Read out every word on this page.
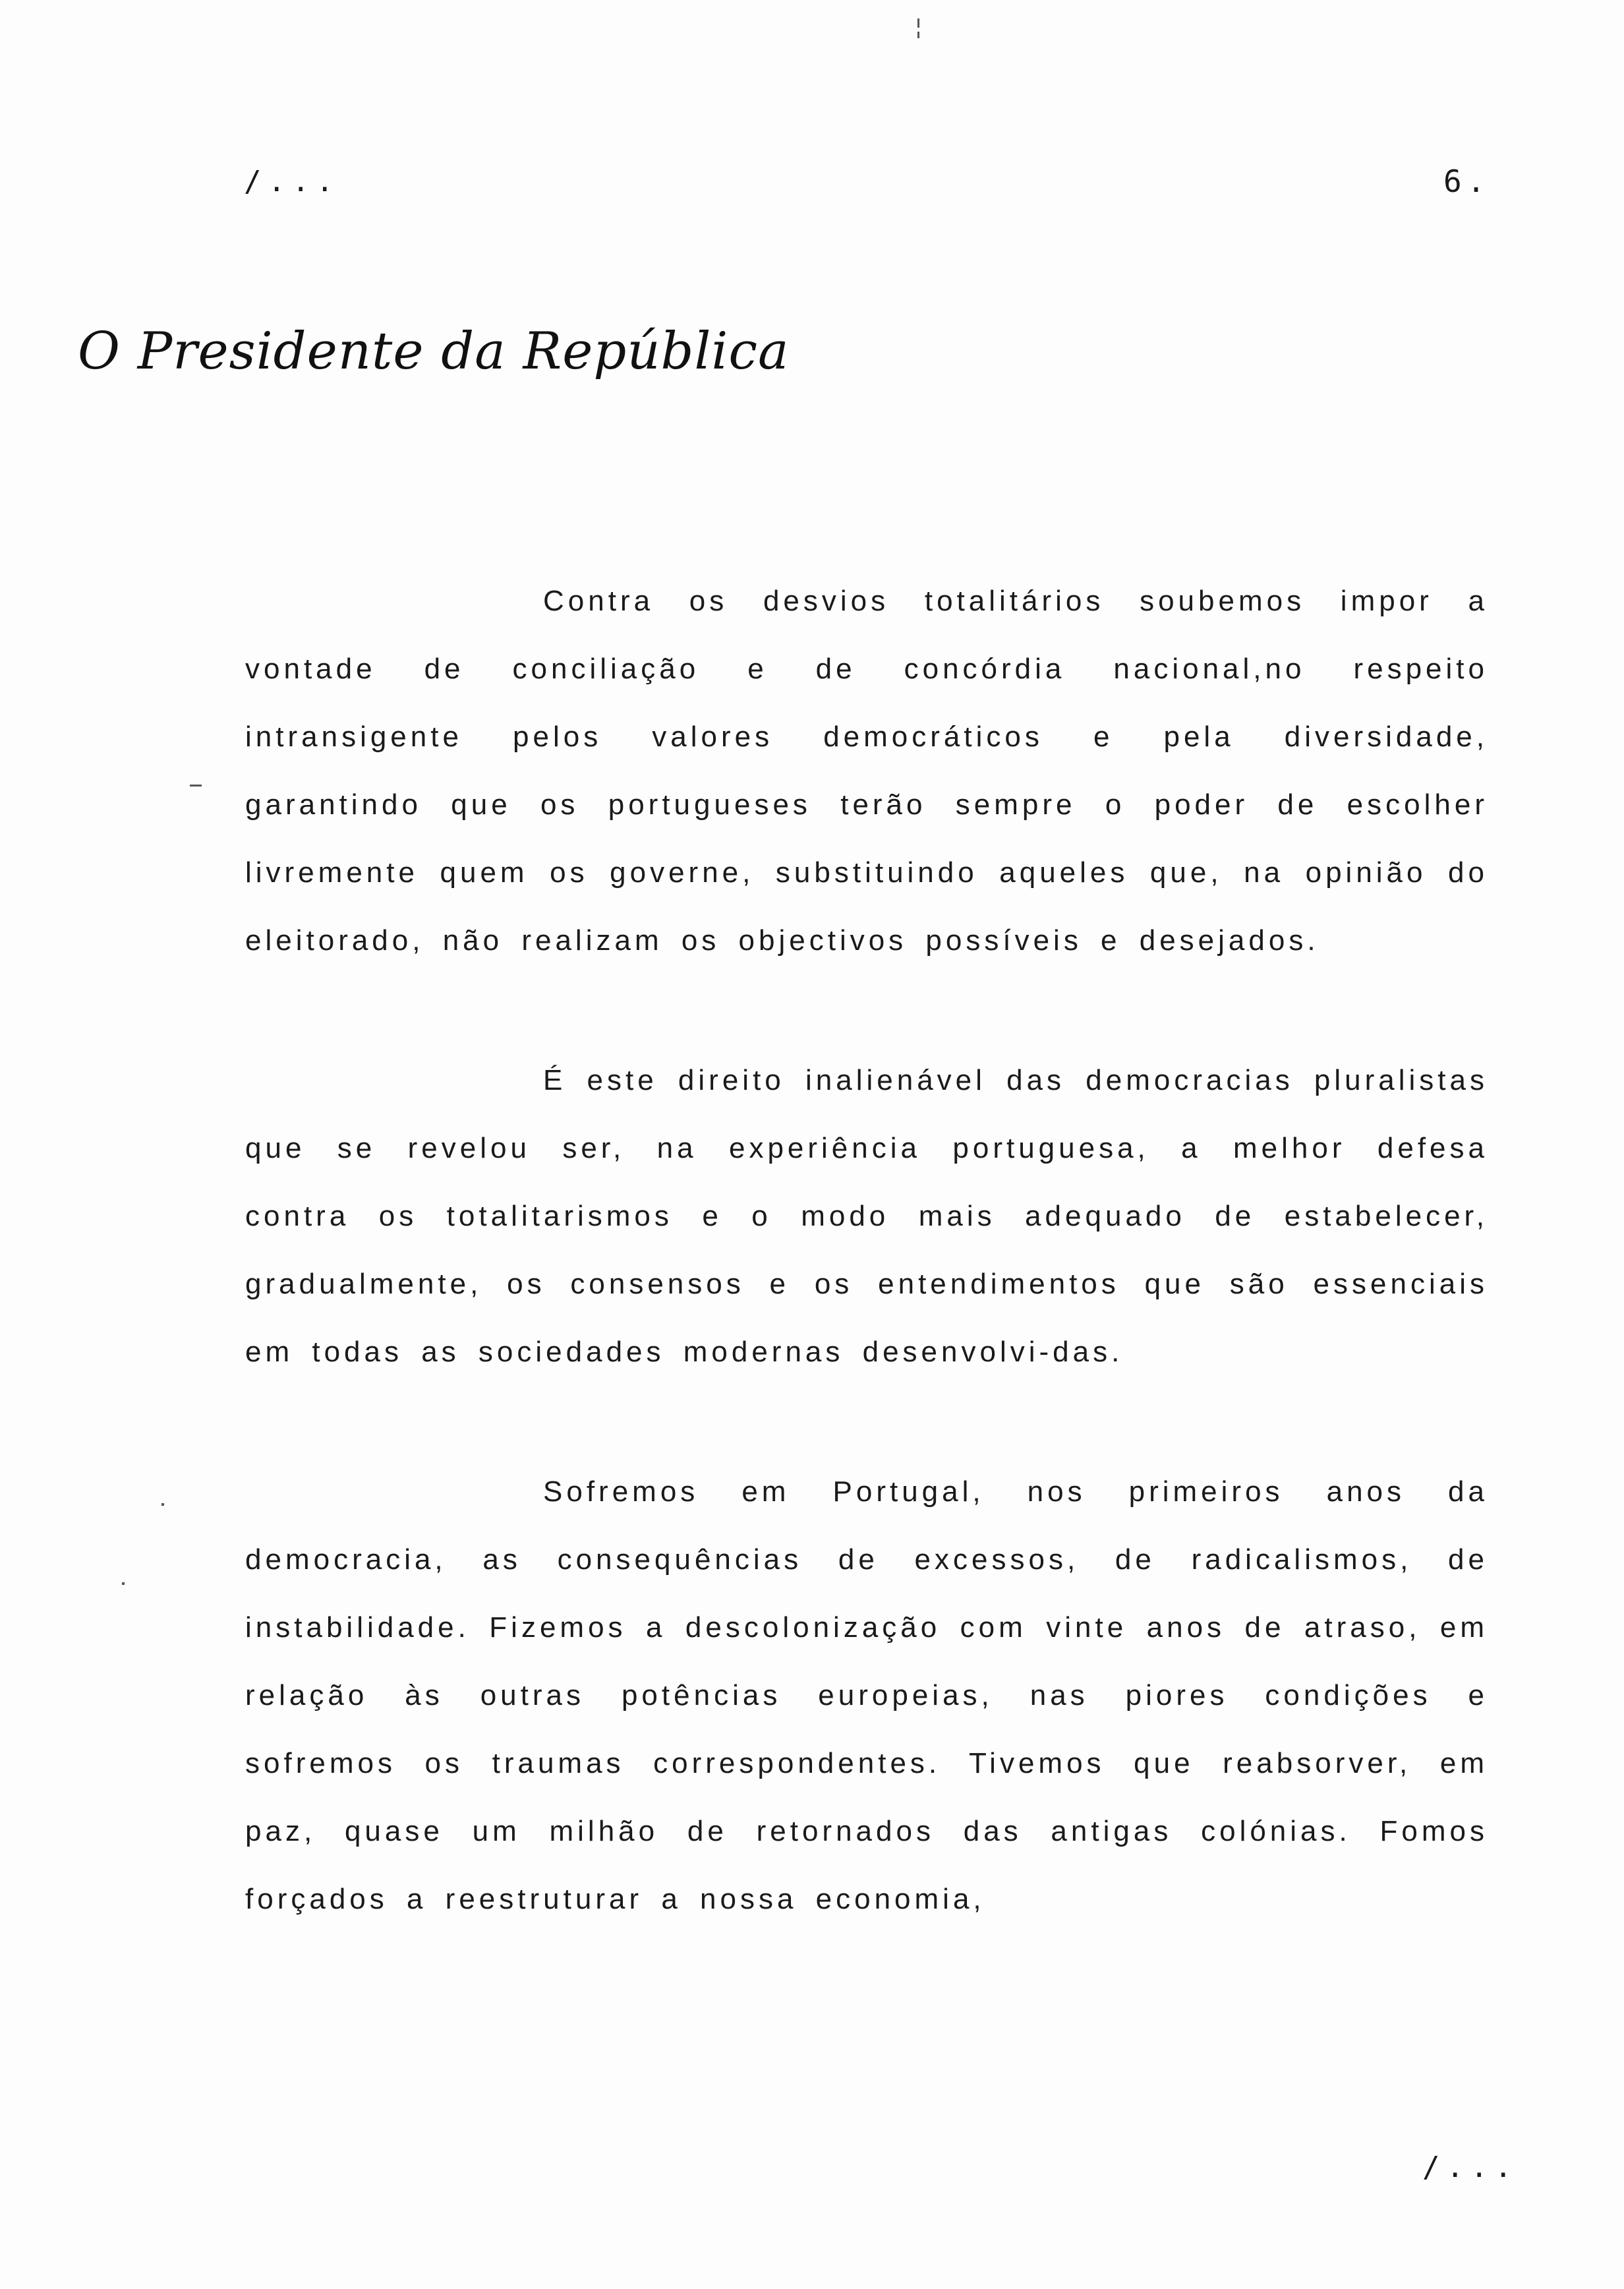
/...	6.
O Presidente da República

Contra os desvios totalitários soubemos impor a vontade de conciliação e de concórdia nacional,no respeito intransigente pelos valores democráticos e pela diversidade, garantindo que os portugueses terão sempre o poder de escolher livremente quem os governe, substituindo aqueles que, na opinião do eleitorado, não realizam os objectivos possíveis e desejados.

É este direito inalienável das democracias pluralistas que se revelou ser, na experiência portuguesa, a melhor defesa contra os totalitarismos e o modo mais adequado de estabelecer, gradualmente, os consensos e os entendimentos que são essenciais em todas as sociedades modernas desenvolvi-das.

Sofremos em Portugal, nos primeiros anos da democracia, as consequências de excessos, de radicalismos, de instabilidade. Fizemos a descolonização com vinte anos de atraso, em relação às outras potências europeias, nas piores condições e sofremos os traumas correspondentes. Tivemos que reabsorver, em paz, quase um milhão de retornados das antigas colónias. Fomos forçados a reestruturar a nossa economia,

/...
